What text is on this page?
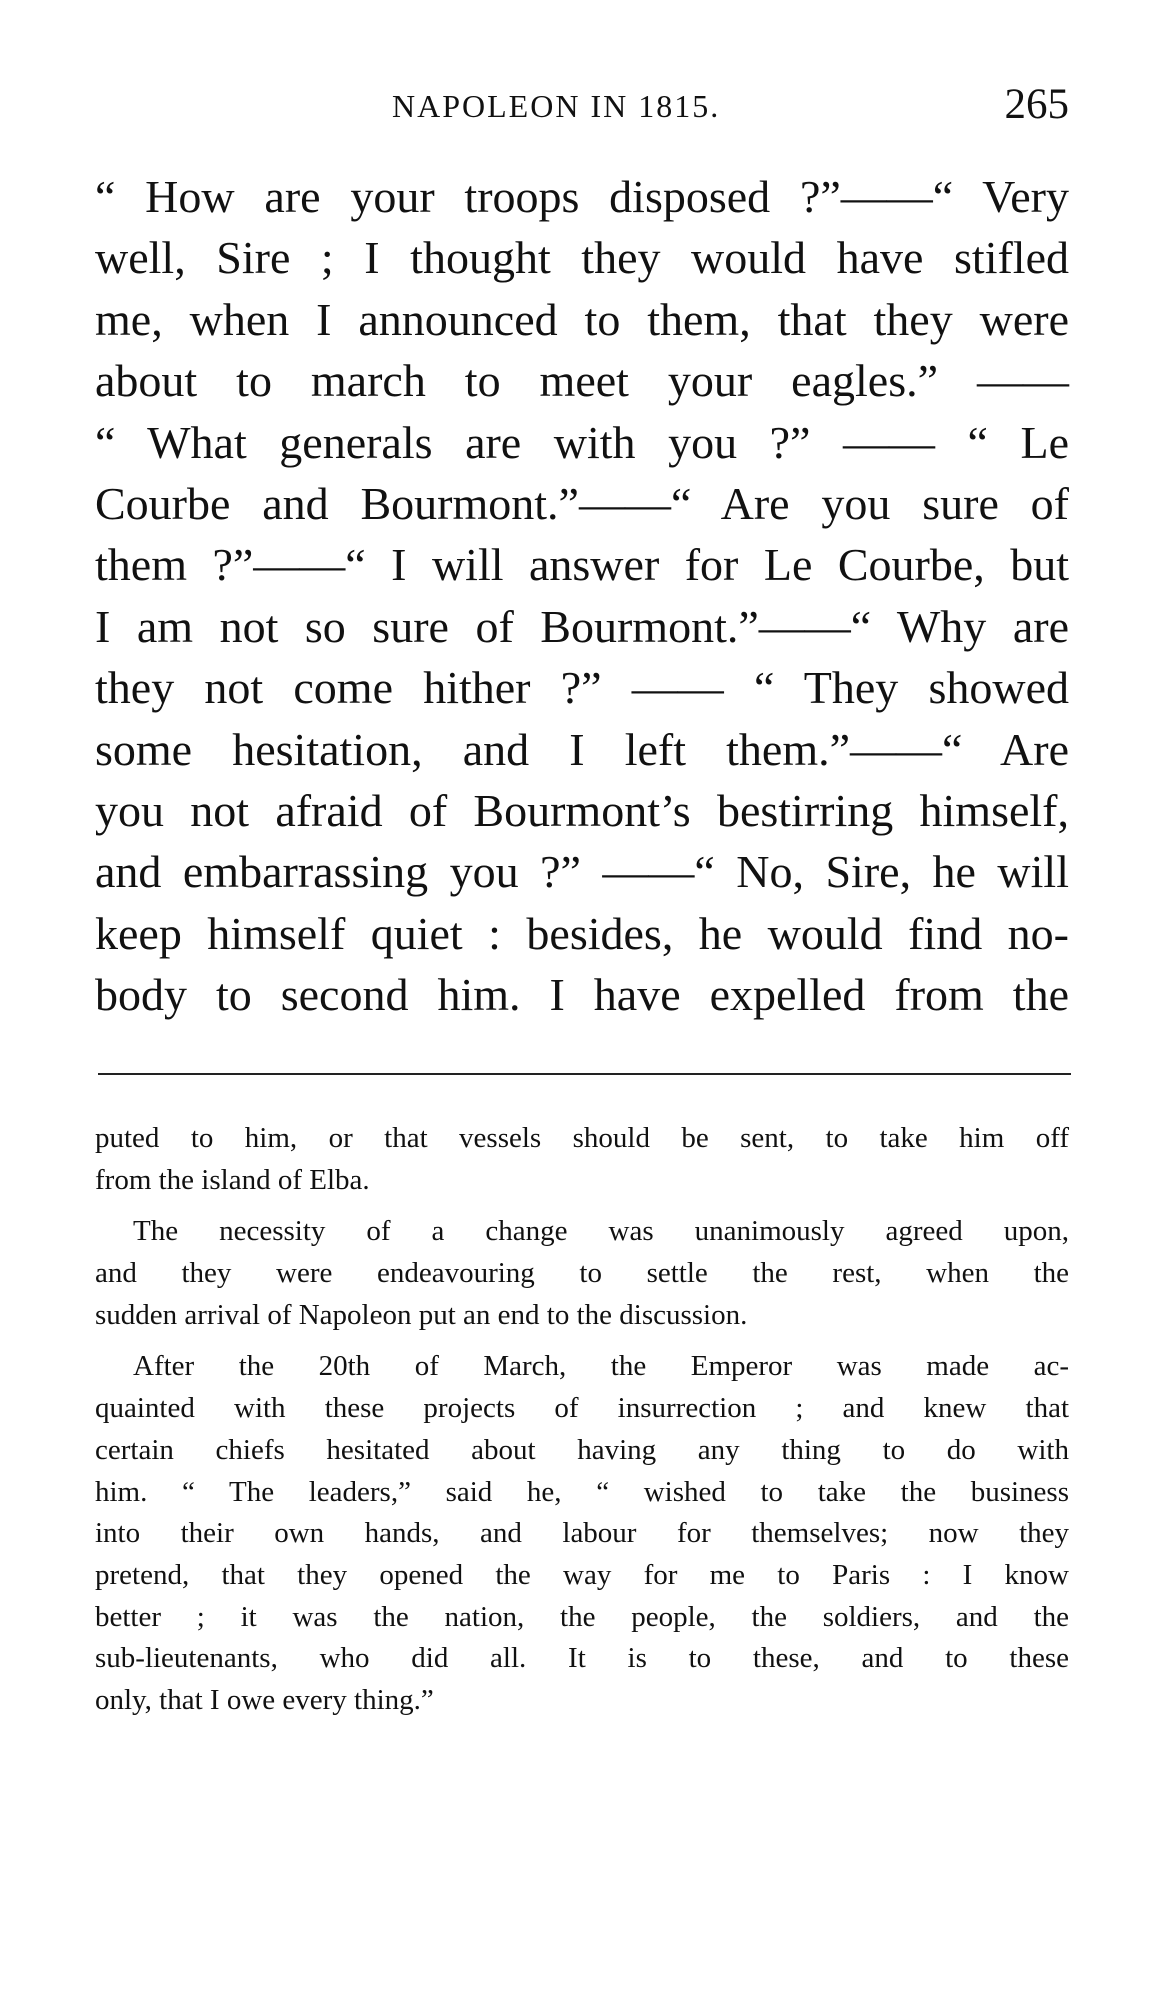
NAPOLEON IN 1815.	265
“ How are your troops disposed ?”——“ Very
well, Sire ; I thought they would have stifled
me, when I announced to them, that they were
about to march to meet your eagles.” ——
“ What generals are with you ?” —— “ Le
Courbe and Bourmont.”——“ Are you sure of
them ?”——“ I will answer for Le Courbe, but
I am not so sure of Bourmont.”——“ Why are
they not come hither ?” —— “ They showed
some hesitation, and I left them.”——“ Are
you not afraid of Bourmont’s bestirring himself,
and embarrassing you ?” ——“ No, Sire, he will
keep himself quiet : besides, he would find no-
body to second him. I have expelled from the
puted to him, or that vessels should be sent, to take him off
from the island of Elba.
The necessity of a change was unanimously agreed upon,
and they were endeavouring to settle the rest, when the
sudden arrival of Napoleon put an end to the discussion.
After the 20th of March, the Emperor was made ac-
quainted with these projects of insurrection ; and knew that
certain chiefs hesitated about having any thing to do with
him. “ The leaders,” said he, “ wished to take the business
into their own hands, and labour for themselves; now they
pretend, that they opened the way for me to Paris : I know
better ; it was the nation, the people, the soldiers, and the
sub-lieutenants, who did all. It is to these, and to these
only, that I owe every thing.”
